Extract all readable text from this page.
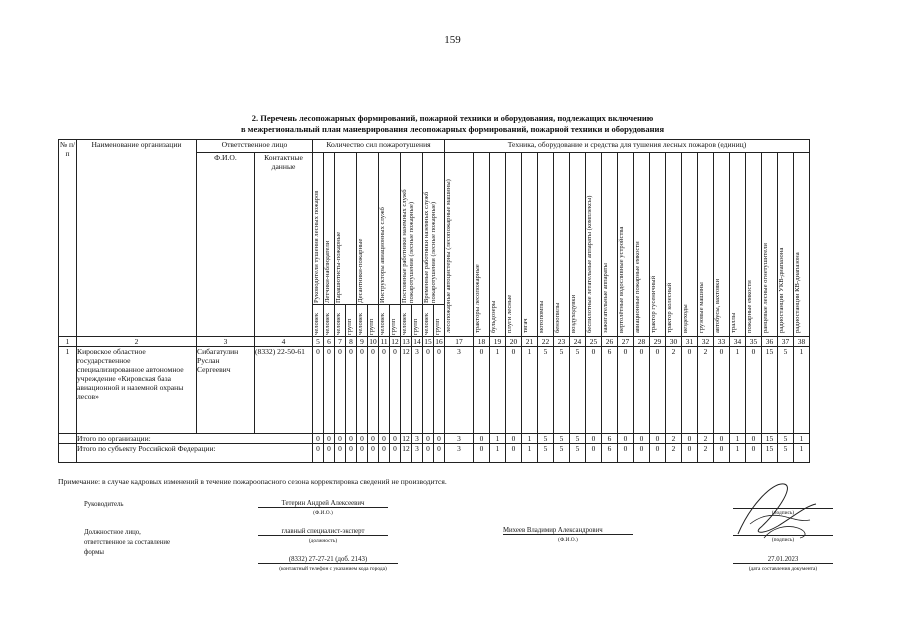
159
2. Перечень лесопожарных формирований, пожарной техники и оборудования, подлежащих включению
в межрегиональный план маневрирования лесопожарных формирований, пожарной техники и оборудования
№ п/п	Наименование организации	Ответственное лицо		Количество сил пожаротушения												Техника, оборудование и средства для тушения лесных пожаров (единиц)																					
		Ф.И.О.	Контактные данные	Руководители тушения лесных пожаров	Летчики-наблюдатели	Парашютисты-пожарные		Десантники-пожарные		Инструкторы авиационных служб		Постоянные работники наземных служб пожаротушения (лесные пожарные)		Временные работники наземных служб пожаротушения (лесные пожарные)		лесопожарные автоцистерны (лесопожарные машины)	тракторы лесопожарные	бульдозеры	плуги лесные	тягач	мотопомпы	бензопилы	воздуходувки	беспилотные летательные аппараты (комплексы)	зажигательные аппараты	вертолётные водосливные устройства	авиационные пожарные емкости	трактор гусеничный	трактор колесный	вездеходы	грузовые машины	автобусы, вахтовки	траллы	пожарные емкости	ранцевые лесные огнетушители	радиостанции УКВ-диапазона	радиостанции КВ-диапазона

				человек	человек	человек	групп	человек	групп	человек	групп	человек	групп	человек	групп																						

1	2	3	4	5	6	7	8	9	10	11	12	13	14	15	16	17	18	19	20	21	22	23	24	25	26	27	28	29	30	31	32	33	34	35	36	37	38
1	Кировское областное государственное специализированное автономное учреждение «Кировская база авиационной и наземной охраны лесов»	Сибагатулин Руслан Сергеевич	(8332) 22-50-61	0	0	0	0	0	0	0	0	12	3	0	0	3	0	1	0	1	5	5	5	0	6	0	0	0	2	0	2	0	1	0	15	5	1
	Итого по организации:			0	0	0	0	0	0	0	0	12	3	0	0	3	0	1	0	1	5	5	5	0	6	0	0	0	2	0	2	0	1	0	15	5	1
	Итого по субъекту Российской Федерации:			0	0	0	0	0	0	0	0	12	3	0	0	3	0	1	0	1	5	5	5	0	6	0	0	0	2	0	2	0	1	0	15	5	1
Примечание: в случае кадровых изменений в течение пожароопасного сезона корректировка сведений не производится.
Руководитель	Тетерин Андрей Алексеевич
(Ф.И.О.)	(подпись)
Должностное лицо, ответственное за составление формы
главный специалист-эксперт
(должность)
Михеев Владимир Александрович
(Ф.И.О.)	(подпись)
(8332) 27-27-21 (доб. 2143)
(контактный телефон с указанием кода города)
27.01.2023
(дата составления документа)
